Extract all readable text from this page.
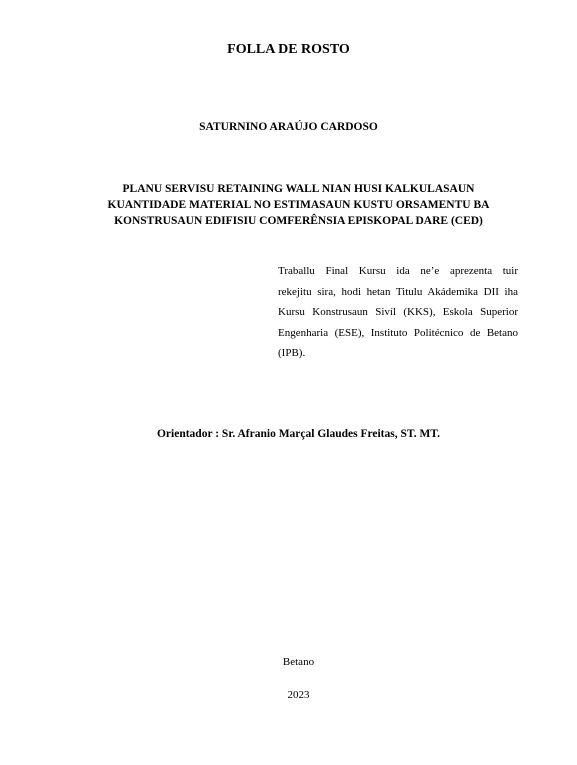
FOLLA DE ROSTO
SATURNINO ARAÚJO CARDOSO
PLANU SERVISU RETAINING WALL NIAN HUSI KALKULASAUN
KUANTIDADE MATERIAL NO ESTIMASAUN KUSTU ORSAMENTU BA
KONSTRUSAUN EDIFISIU COMFERÊNSIA EPISKOPAL DARE (CED)
Traballu Final Kursu ida ne’e aprezenta tuir
rekejitu sira, hodi hetan Titulu Akádemika DII iha
Kursu Konstrusaun Sivíl (KKS), Eskola Superior
Engenharia (ESE), Instituto Politécnico de Betano
(IPB).
Orientador : Sr. Afranio Marçal Glaudes Freitas, ST. MT.
Betano
2023
